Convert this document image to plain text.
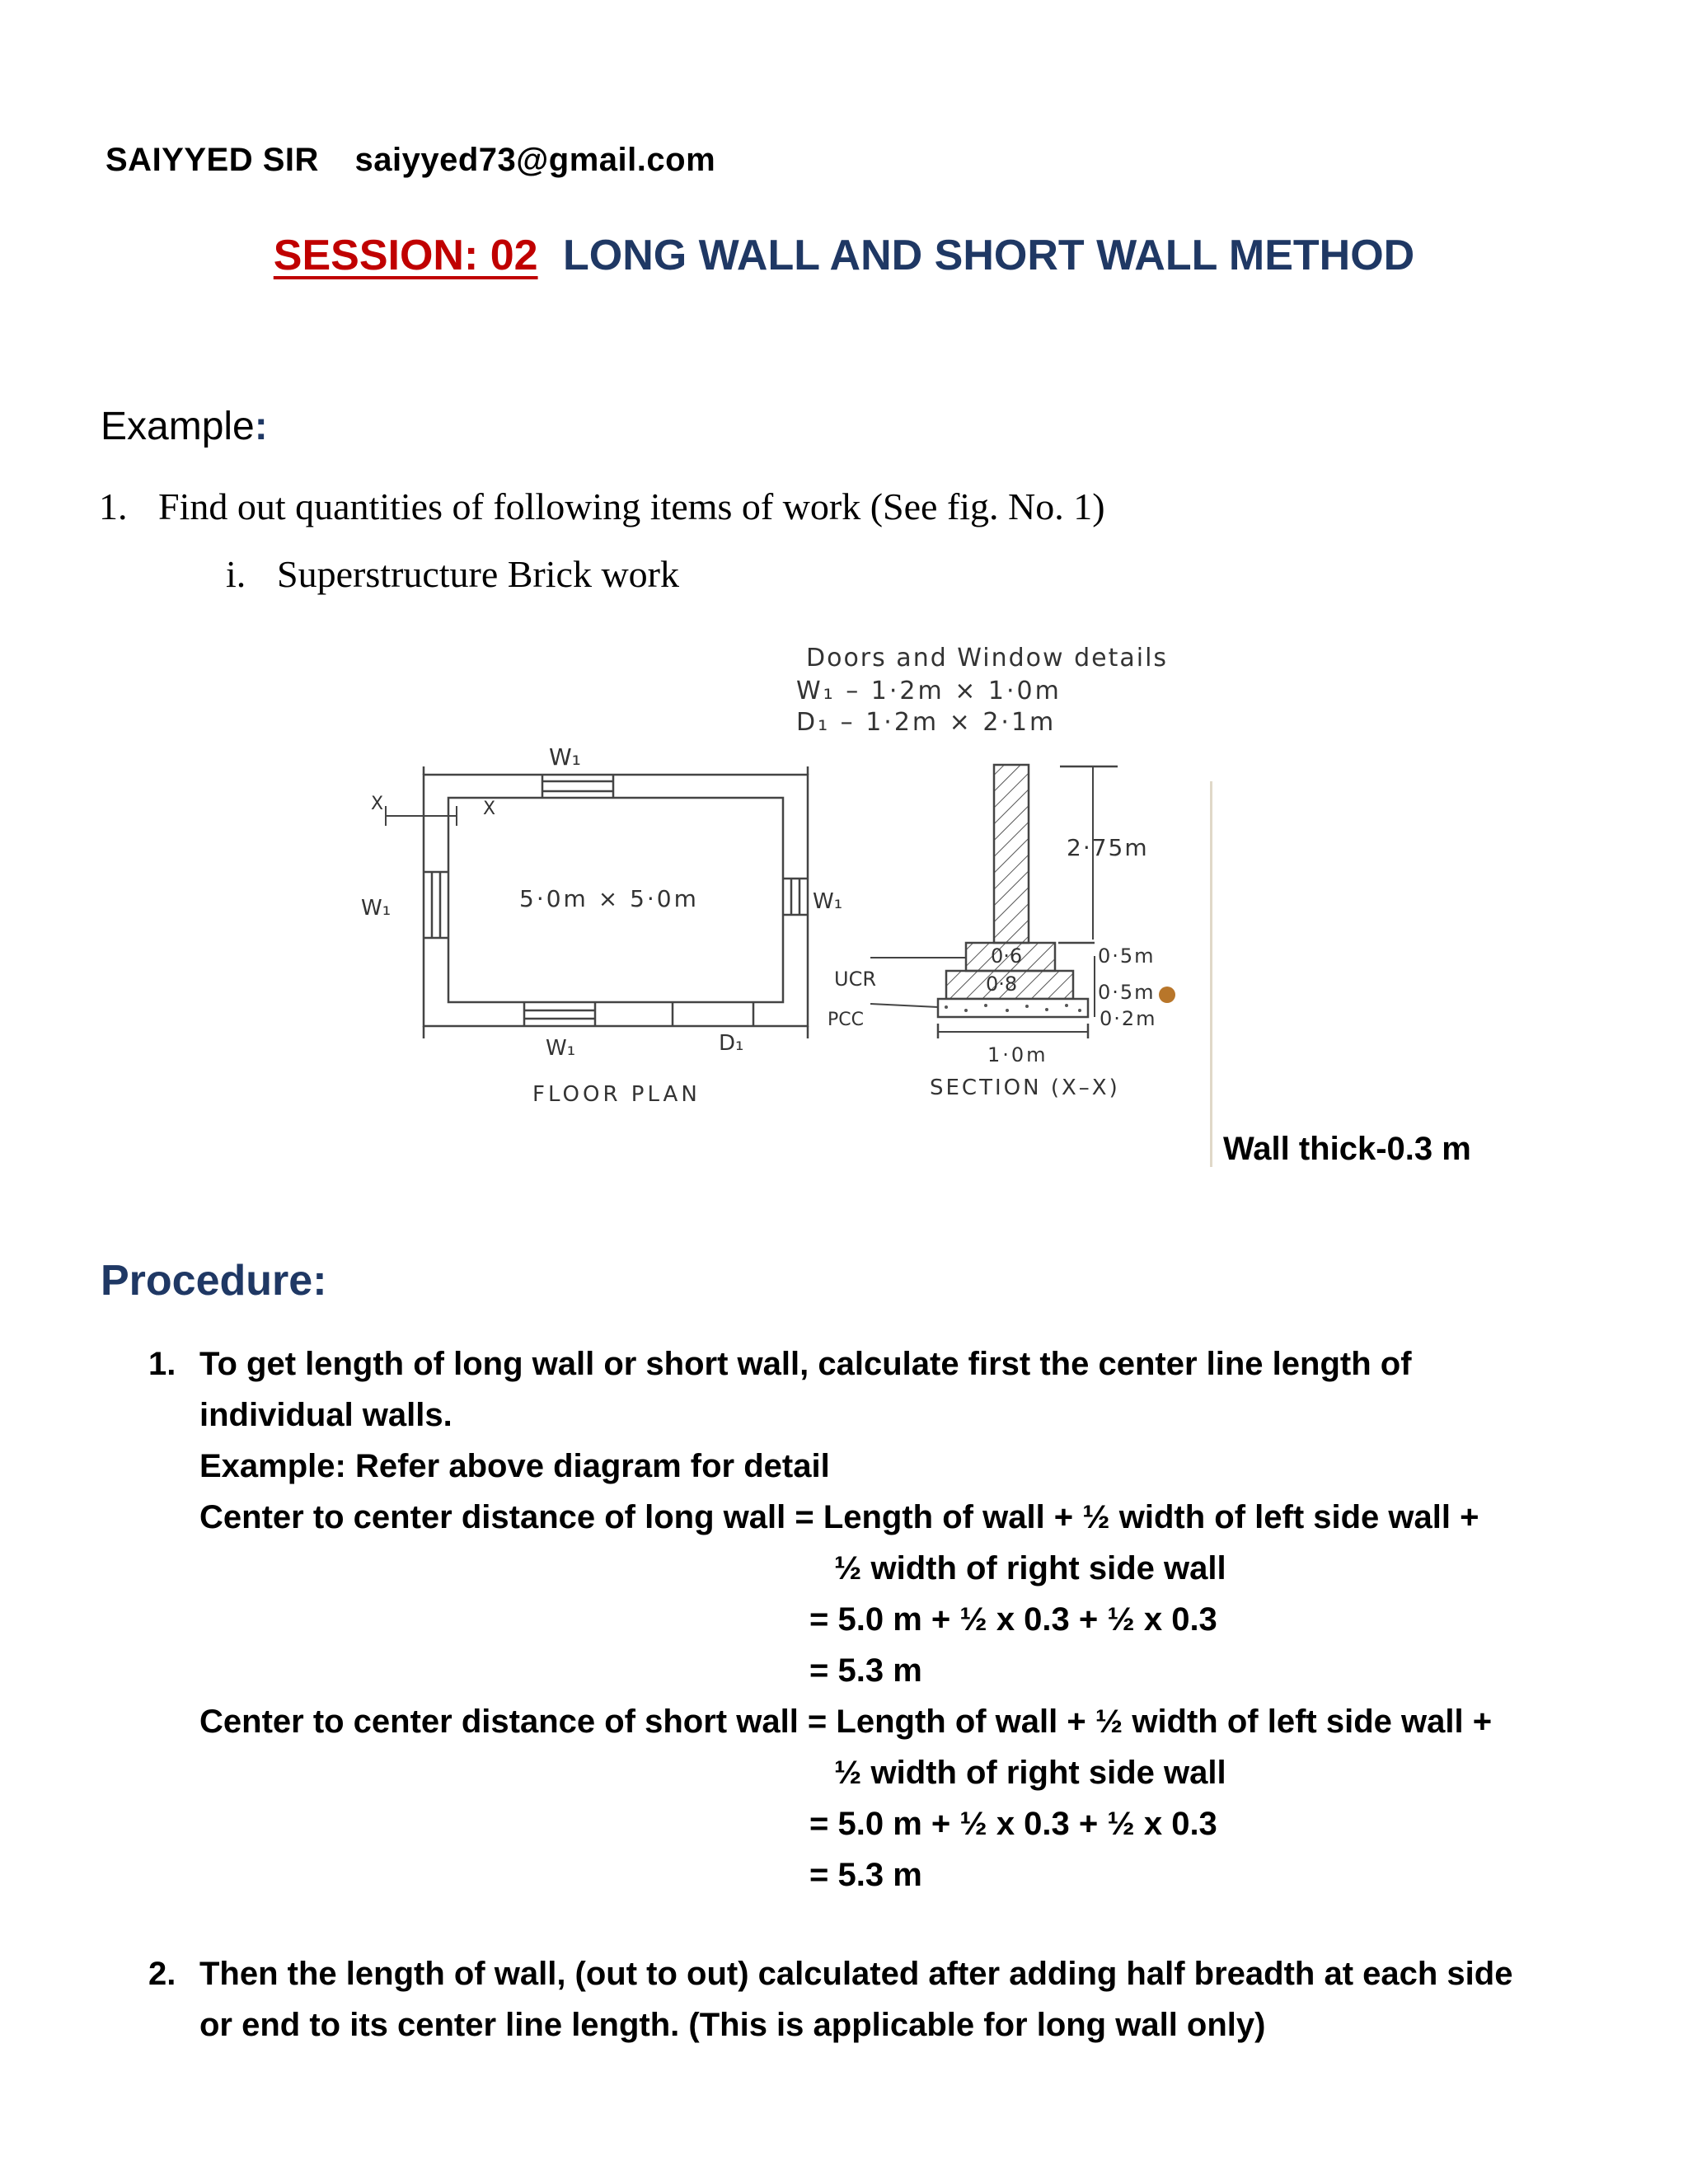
SAIYYED SIR saiyyed73@gmail.com
SESSION: 02 LONG WALL AND SHORT WALL METHOD
Example:
1. Find out quantities of following items of work (See fig. No. 1)
i. Superstructure Brick work
Doors and Window details
W₁ – 1·2m × 1·0m
D₁ – 1·2m × 2·1m
W₁
W₁	W₁
W₁	D₁
5·0m × 5·0m
X	X
FLOOR PLAN
2·75m
UCR
PCC
0·6
0·8
0·5m
0·5m
0·2m
1·0m
SECTION (X–X)
Wall thick-0.3 m
Procedure:
1. To get length of long wall or short wall, calculate first the center line length of
individual walls.
Example: Refer above diagram for detail
Center to center distance of long wall = Length of wall + ½ width of left side wall +
½ width of right side wall
= 5.0 m + ½ x 0.3 + ½ x 0.3
= 5.3 m
Center to center distance of short wall = Length of wall + ½ width of left side wall +
½ width of right side wall
= 5.0 m + ½ x 0.3 + ½ x 0.3
= 5.3 m
2. Then the length of wall, (out to out) calculated after adding half breadth at each side
or end to its center line length. (This is applicable for long wall only)
